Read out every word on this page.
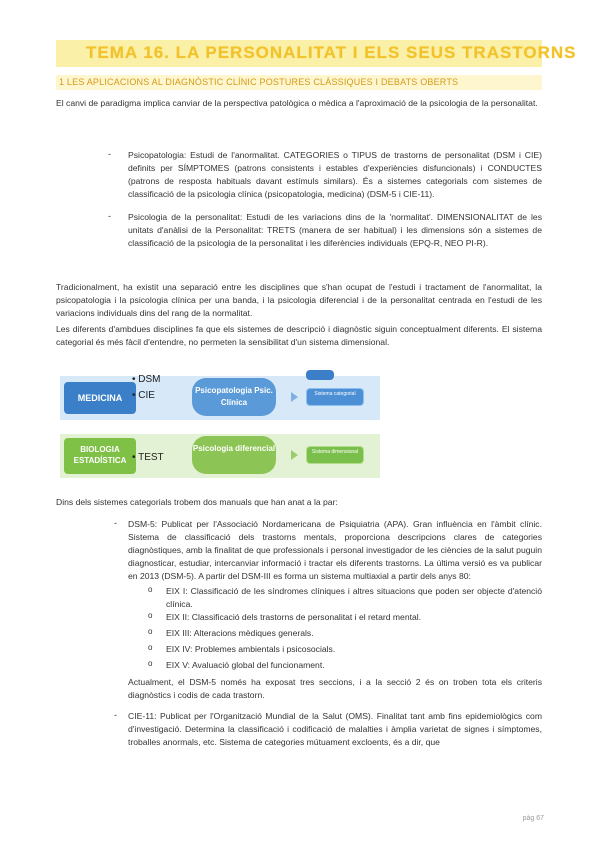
TEMA 16. LA PERSONALITAT I ELS SEUS TRASTORNS
1 LES APLICACIONS AL DIAGNÒSTIC CLÍNIC POSTURES CLÀSSIQUES I DEBATS OBERTS
El canvi de paradigma implica canviar de la perspectiva patològica o mèdica a l'aproximació de la psicologia de la personalitat.
- Psicopatologia: Estudi de l'anormalitat. CATEGORIES o TIPUS de trastorns de personalitat (DSM i CIE) definits per SÍMPTOMES (patrons consistents i estables d'experiències disfuncionals) i CONDUCTES (patrons de resposta habituals davant estímuls similars). És a sistemes categorials com sistemes de classificació de la psicologia clínica (psicopatologia, medicina) (DSM-5 i CIE-11).
- Psicologia de la personalitat: Estudi de les variacions dins de la 'normalitat'. DIMENSIONALITAT de les unitats d'anàlisi de la Personalitat: TRETS (manera de ser habitual) i les dimensions són a sistemes de classificació de la psicologia de la personalitat i les diferències individuals (EPQ-R, NEO PI-R).
Tradicionalment, ha existit una separació entre les disciplines que s'han ocupat de l'estudi i tractament de l'anormalitat, la psicopatologia i la psicologia clínica per una banda, i la psicologia diferencial i de la personalitat centrada en l'estudi de les variacions individuals dins del rang de la normalitat.
Les diferents d'ambdues disciplines fa que els sistemes de descripció i diagnòstic siguin conceptualment diferents. El sistema categorial és més fàcil d'entendre, no permeten la sensibilitat d'un sistema dimensional.
MEDICINA
BIOLOGIA ESTADÍSTICA
• DSM
• CIE
• TEST
Psicopatologia Psic. Clínica
Psicologia diferencial
Sistema categorial
Sistema dimensional
Dins dels sistemes categorials trobem dos manuals que han anat a la par:
- DSM-5: Publicat per l'Associació Nordamericana de Psiquiatria (APA). Gran influència en l'àmbit clínic. Sistema de classificació dels trastorns mentals, proporciona descripcions clares de categories diagnòstiques, amb la finalitat de que professionals i personal investigador de les ciències de la salut puguin diagnosticar, estudiar, intercanviar informació i tractar els diferents trastorns. La última versió es va publicar en 2013 (DSM-5). A partir del DSM-III es forma un sistema multiaxial a partir dels anys 80:
o EIX I: Classificació de les síndromes clíniques i altres situacions que poden ser objecte d'atenció clínica.
o EIX II: Classificació dels trastorns de personalitat i el retard mental.
o EIX III: Alteracions mèdiques generals.
o EIX IV: Problemes ambientals i psicosocials.
o EIX V: Avaluació global del funcionament.
Actualment, el DSM-5 només ha exposat tres seccions, i a la secció 2 és on troben tota els criteris diagnòstics i codis de cada trastorn.
- CIE-11: Publicat per l'Organització Mundial de la Salut (OMS). Finalitat tant amb fins epidemiològics com d'investigació. Determina la classificació i codificació de malalties i àmplia varietat de signes i símptomes, troballes anormals, etc. Sistema de categories mútuament excloents, és a dir, que
pàg 67
